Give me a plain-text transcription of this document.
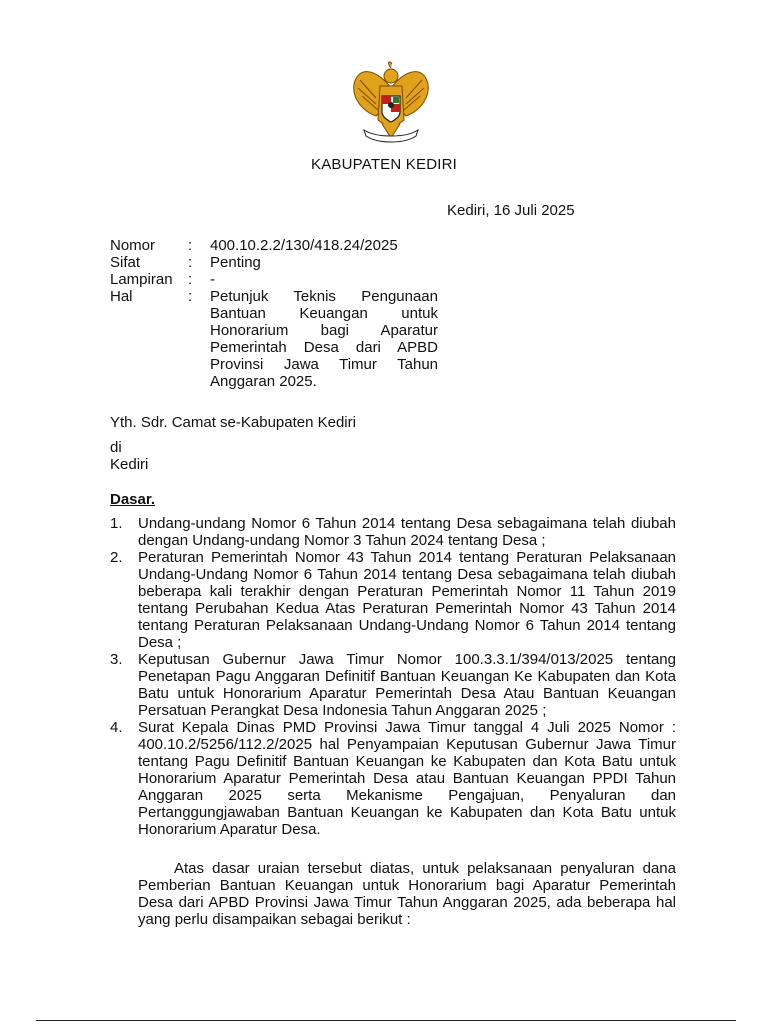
KABUPATEN KEDIRI
Kediri, 16 Juli 2025
Nomor	:	400.10.2.2/130/418.24/2025
Sifat	:	Penting
Lampiran	:	-
Hal	:	Petunjuk Teknis Pengunaan Bantuan Keuangan untuk Honorarium bagi Aparatur Pemerintah Desa dari APBD Provinsi Jawa Timur Tahun Anggaran 2025.
Yth. Sdr. Camat se-Kabupaten Kediri
di
Kediri
Dasar.
1.	Undang-undang Nomor 6 Tahun 2014 tentang Desa sebagaimana telah diubah dengan Undang-undang Nomor 3 Tahun 2024 tentang Desa ;
2.	Peraturan Pemerintah Nomor 43 Tahun 2014 tentang Peraturan Pelaksanaan Undang-Undang Nomor 6 Tahun 2014 tentang Desa sebagaimana telah diubah beberapa kali terakhir dengan Peraturan Pemerintah Nomor 11 Tahun 2019 tentang Perubahan Kedua Atas Peraturan Pemerintah Nomor 43 Tahun 2014 tentang Peraturan Pelaksanaan Undang-Undang Nomor 6 Tahun 2014 tentang Desa ;
3.	Keputusan Gubernur Jawa Timur Nomor 100.3.3.1/394/013/2025 tentang Penetapan Pagu Anggaran Definitif Bantuan Keuangan Ke Kabupaten dan Kota Batu untuk Honorarium Aparatur Pemerintah Desa Atau Bantuan Keuangan Persatuan Perangkat Desa Indonesia Tahun Anggaran 2025 ;
4.	Surat Kepala Dinas PMD Provinsi Jawa Timur tanggal 4 Juli 2025 Nomor : 400.10.2/5256/112.2/2025 hal Penyampaian Keputusan Gubernur Jawa Timur tentang Pagu Definitif Bantuan Keuangan ke Kabupaten dan Kota Batu untuk Honorarium Aparatur Pemerintah Desa atau Bantuan Keuangan PPDI Tahun Anggaran 2025 serta Mekanisme Pengajuan, Penyaluran dan Pertanggungjawaban Bantuan Keuangan ke Kabupaten dan Kota Batu untuk Honorarium Aparatur Desa.
Atas dasar uraian tersebut diatas, untuk pelaksanaan penyaluran dana Pemberian Bantuan Keuangan untuk Honorarium bagi Aparatur Pemerintah Desa dari APBD Provinsi Jawa Timur Tahun Anggaran 2025, ada beberapa hal yang perlu disampaikan sebagai berikut :
